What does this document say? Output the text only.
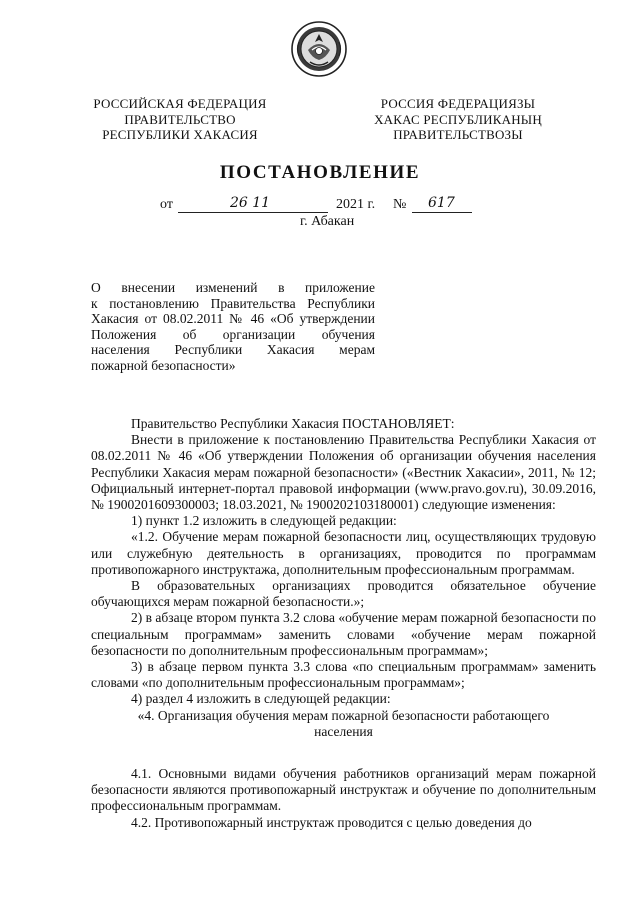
РОССИЙСКАЯ ФЕДЕРАЦИЯ
ПРАВИТЕЛЬСТВО
РЕСПУБЛИКИ ХАКАСИЯ
РОССИЯ ФЕДЕРАЦИЯЗЫ
ХАКАС РЕСПУБЛИКАНЫҢ
ПРАВИТЕЛЬСТВОЗЫ
ПОСТАНОВЛЕНИЕ
от	26 11	2021 г. № 617
г. Абакан
О внесении изменений в приложение
к постановлению Правительства Республики
Хакасия от 08.02.2011 № 46 «Об утверждении
Положения об организации обучения
населения Республики Хакасия мерам
пожарной безопасности»

Правительство Республики Хакасия ПОСТАНОВЛЯЕТ:

Внести в приложение к постановлению Правительства Республики Хакасия от 08.02.2011 № 46 «Об утверждении Положения об организации обучения населения Республики Хакасия мерам пожарной безопасности» («Вестник Хакасии», 2011, № 12; Официальный интернет-портал правовой информации (www.pravo.gov.ru), 30.09.2016, № 1900201609300003; 18.03.2021, № 1900202103180001) следующие изменения:

1) пункт 1.2 изложить в следующей редакции:

«1.2. Обучение мерам пожарной безопасности лиц, осуществляющих трудовую или служебную деятельность в организациях, проводится по программам противопожарного инструктажа, дополнительным профессиональным программам.

В образовательных организациях проводится обязательное обучение обучающихся мерам пожарной безопасности.»;

2) в абзаце втором пункта 3.2 слова «обучение мерам пожарной безопасности по специальным программам» заменить словами «обучение мерам пожарной безопасности по дополнительным профессиональным программам»;

3) в абзаце первом пункта 3.3 слова «по специальным программам» заменить словами «по дополнительным профессиональным программам»;

4) раздел 4 изложить в следующей редакции:

«4. Организация обучения мерам пожарной безопасности работающего населения

4.1. Основными видами обучения работников организаций мерам пожарной безопасности являются противопожарный инструктаж и обучение по дополнительным профессиональным программам.

4.2. Противопожарный инструктаж проводится с целью доведения до
